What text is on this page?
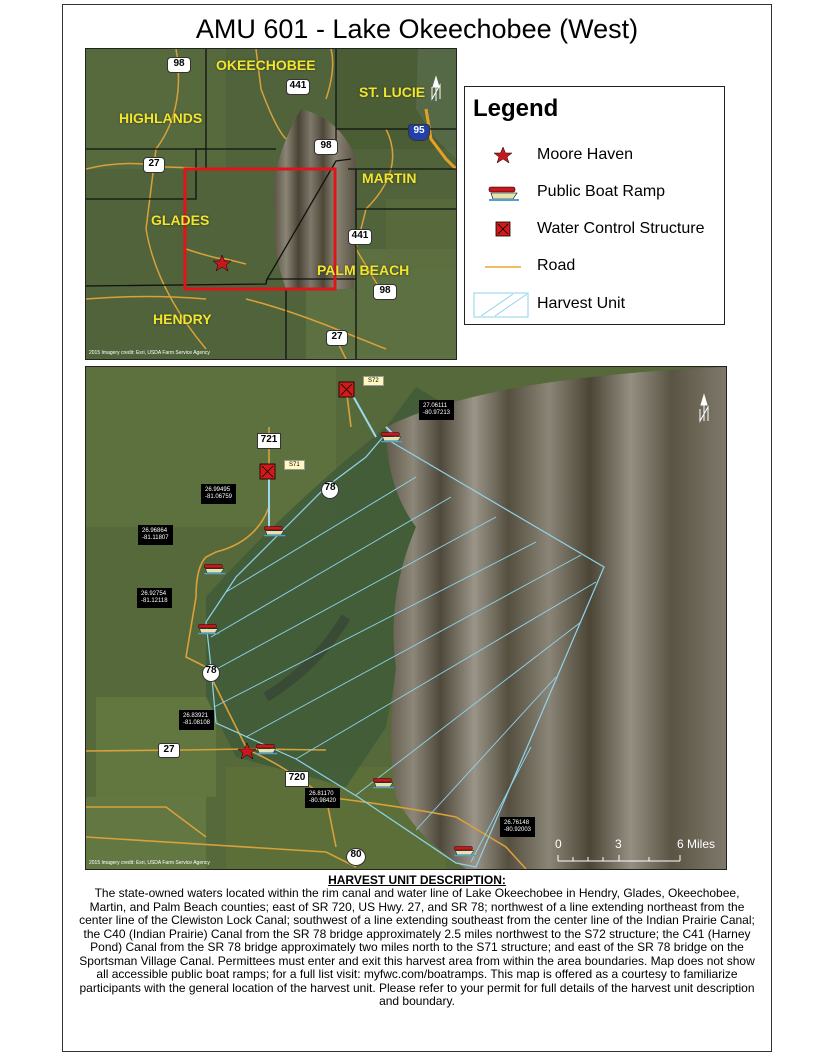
AMU 601 - Lake Okeechobee (West)
OKEECHOBEE
ST. LUCIE
HIGHLANDS
MARTIN
GLADES
PALM BEACH
HENDRY
98
441
95
27
98
441
98
27
2015 Imagery credit: Esri, USDA Farm Service Agency
Legend
Moore Haven
Public Boat Ramp
Water Control Structure
Road
Harvest Unit
S72
S71
721
78
78
27
720
80
27.06111
-80.97213
26.99495
-81.06759
26.96864
-81.11807
26.92754
-81.12118
26.83921
-81.08108
26.81170
-80.98420
26.76148
-80.92003
0	3	6 Miles
2015 Imagery credit: Esri, USDA Farm Service Agency
HARVEST UNIT DESCRIPTION:
The state-owned waters located within the rim canal and water line of Lake Okeechobee in Hendry, Glades, Okeechobee, Martin, and Palm Beach counties; east of SR 720, US Hwy. 27, and SR 78; northwest of a line extending northeast from the center line of the Clewiston Lock Canal; southwest of a line extending southeast from the center line of the Indian Prairie Canal; the C40 (Indian Prairie) Canal from the SR 78 bridge approximately 2.5 miles northwest to the S72 structure; the C41 (Harney Pond) Canal from the SR 78 bridge approximately two miles north to the S71 structure; and east of the SR 78 bridge on the Sportsman Village Canal. Permittees must enter and exit this harvest area from within the area boundaries. Map does not show all accessible public boat ramps; for a full list visit: myfwc.com/boatramps. This map is offered as a courtesy to familiarize participants with the general location of the harvest unit. Please refer to your permit for full details of the harvest unit description and boundary.
